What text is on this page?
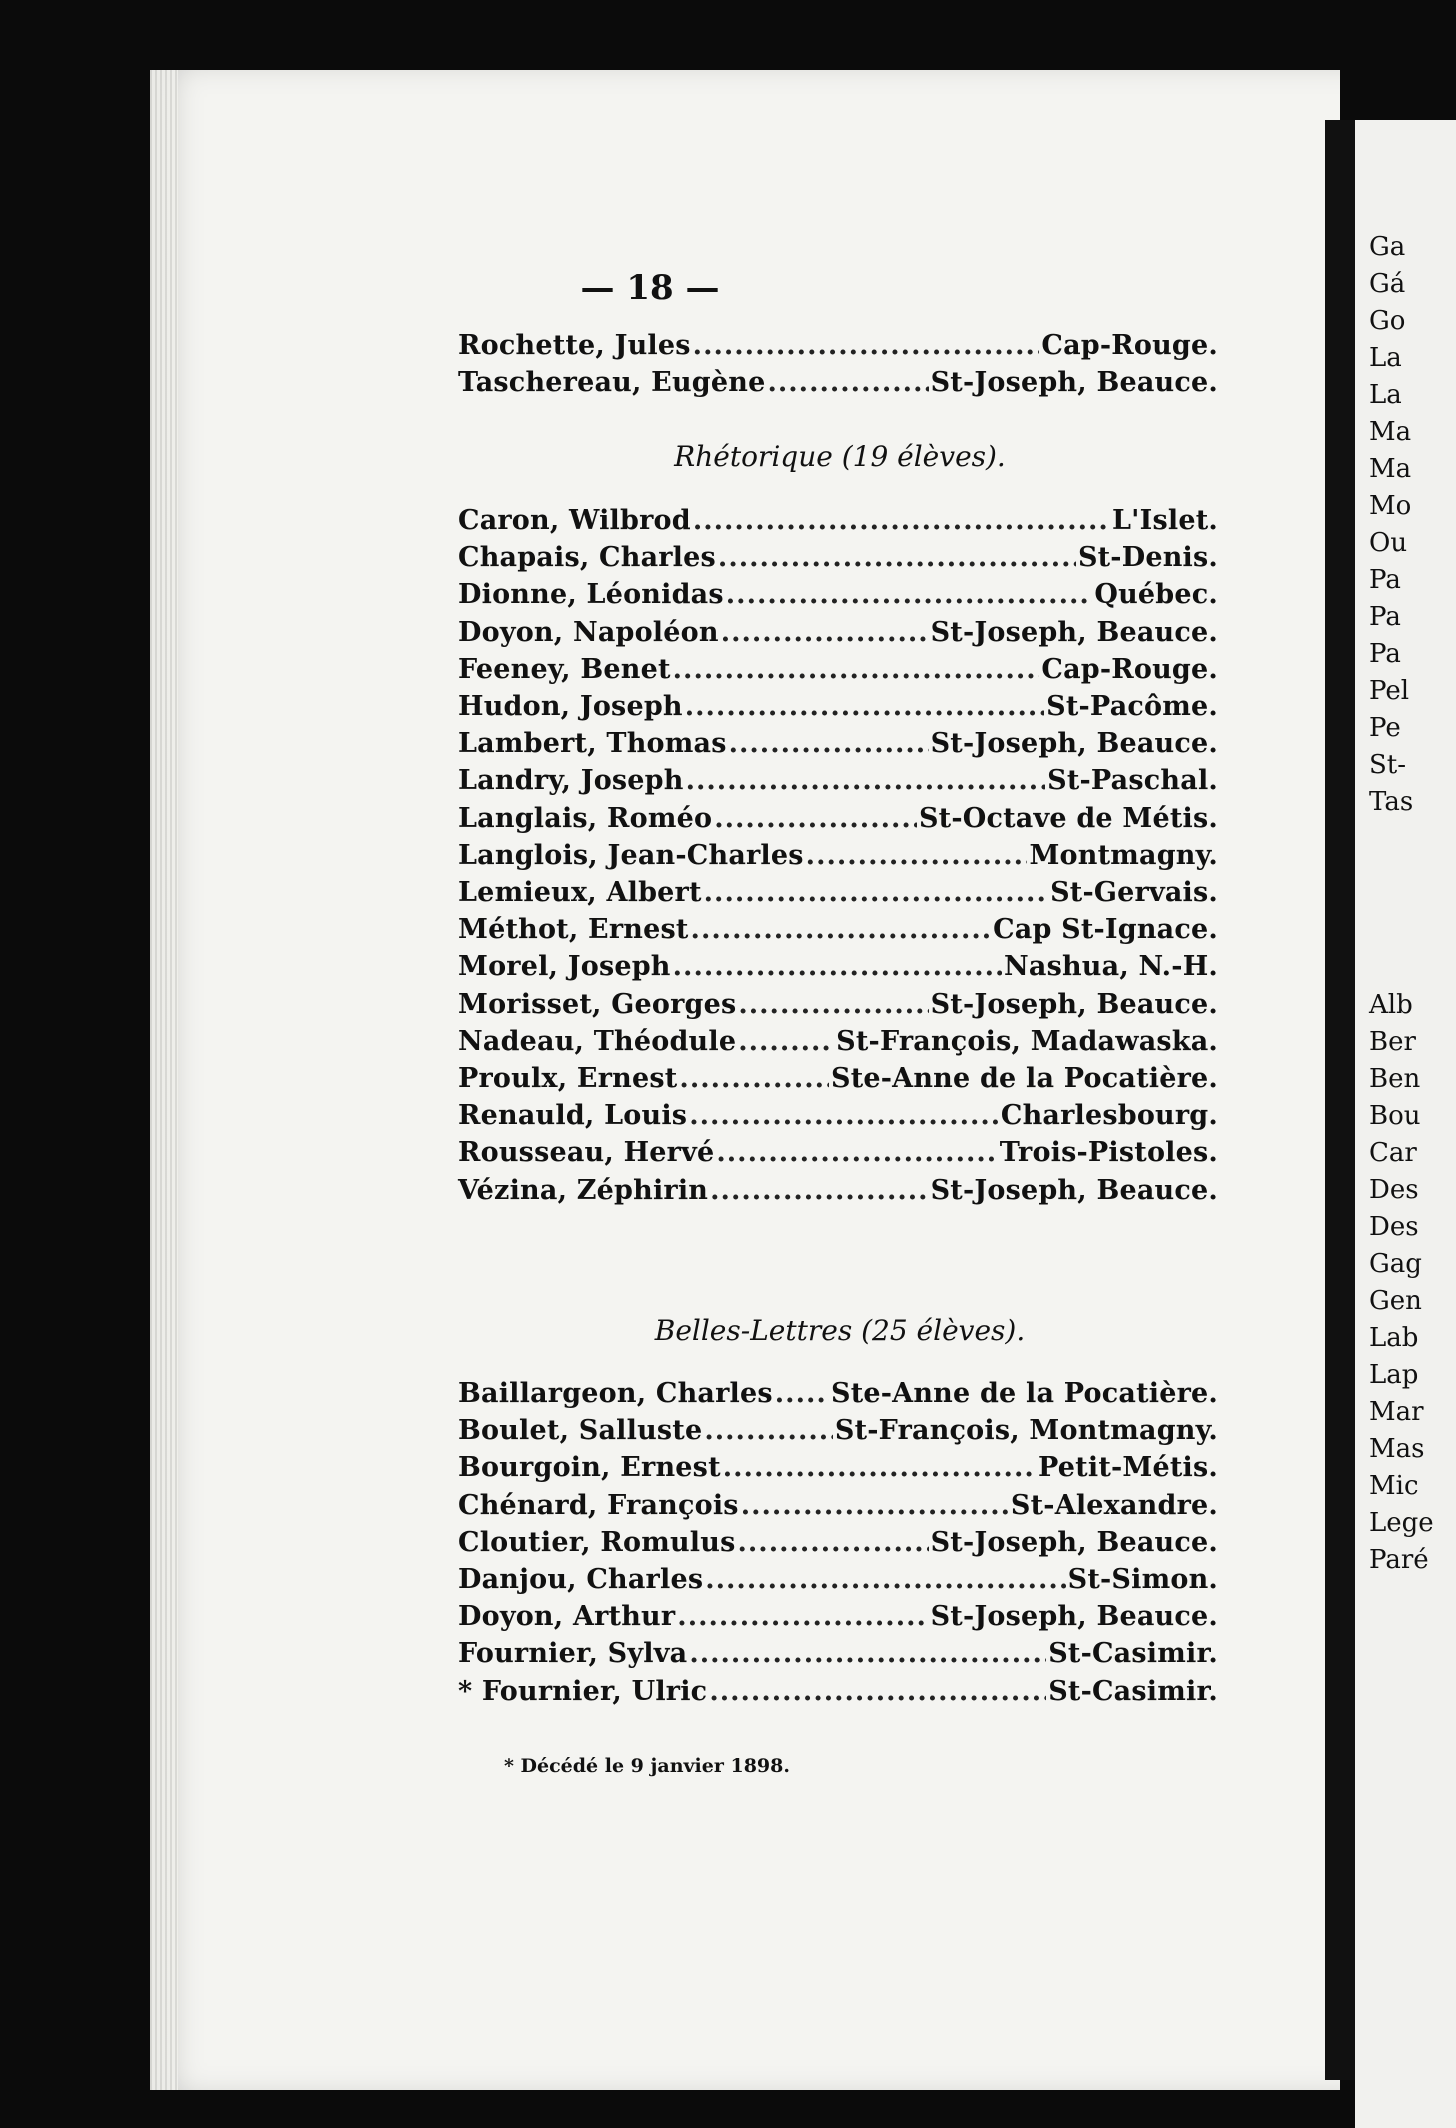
Ga
Gá
Go
La
La
Ma
Ma
Mo
Ou
Pa
Pa
Pa
Pel
Pe
St-
Tas
Alb
Ber
Ben
Bou
Car
Des
Des
Gag
Gen
Lab
Lap
Mar
Mas
Mic
Lege
Paré
— 18 —
Rochette, Jules .....	Cap-Rouge.
Taschereau, Eugène .....	St-Joseph, Beauce.
Rhétorique (19 élèves).
Caron, Wilbrod .....	L'Islet.
Chapais, Charles .....	St-Denis.
Dionne, Léonidas .....	Québec.
Doyon, Napoléon .....	St-Joseph, Beauce.
Feeney, Benet .....	Cap-Rouge.
Hudon, Joseph .....	St-Pacôme.
Lambert, Thomas .....	St-Joseph, Beauce.
Landry, Joseph .....	St-Paschal.
Langlais, Roméo .....	St-Octave de Métis.
Langlois, Jean-Charles .....	Montmagny.
Lemieux, Albert .....	St-Gervais.
Méthot, Ernest .....	Cap St-Ignace.
Morel, Joseph .....	Nashua, N.-H.
Morisset, Georges .....	St-Joseph, Beauce.
Nadeau, Théodule .....	St-François, Madawaska.
Proulx, Ernest .....	Ste-Anne de la Pocatière.
Renauld, Louis .....	Charlesbourg.
Rousseau, Hervé .....	Trois-Pistoles.
Vézina, Zéphirin .....	St-Joseph, Beauce.
Belles-Lettres (25 élèves).
Baillargeon, Charles ..... Ste-Anne de la Pocatière.
Boulet, Salluste .....	St-François, Montmagny.
Bourgoin, Ernest .....	Petit-Métis.
Chénard, François .....	St-Alexandre.
Cloutier, Romulus .....	St-Joseph, Beauce.
Danjou, Charles .....	St-Simon.
Doyon, Arthur .....	St-Joseph, Beauce.
Fournier, Sylva .....	St-Casimir.
* Fournier, Ulric .....	St-Casimir.
* Décédé le 9 janvier 1898.
